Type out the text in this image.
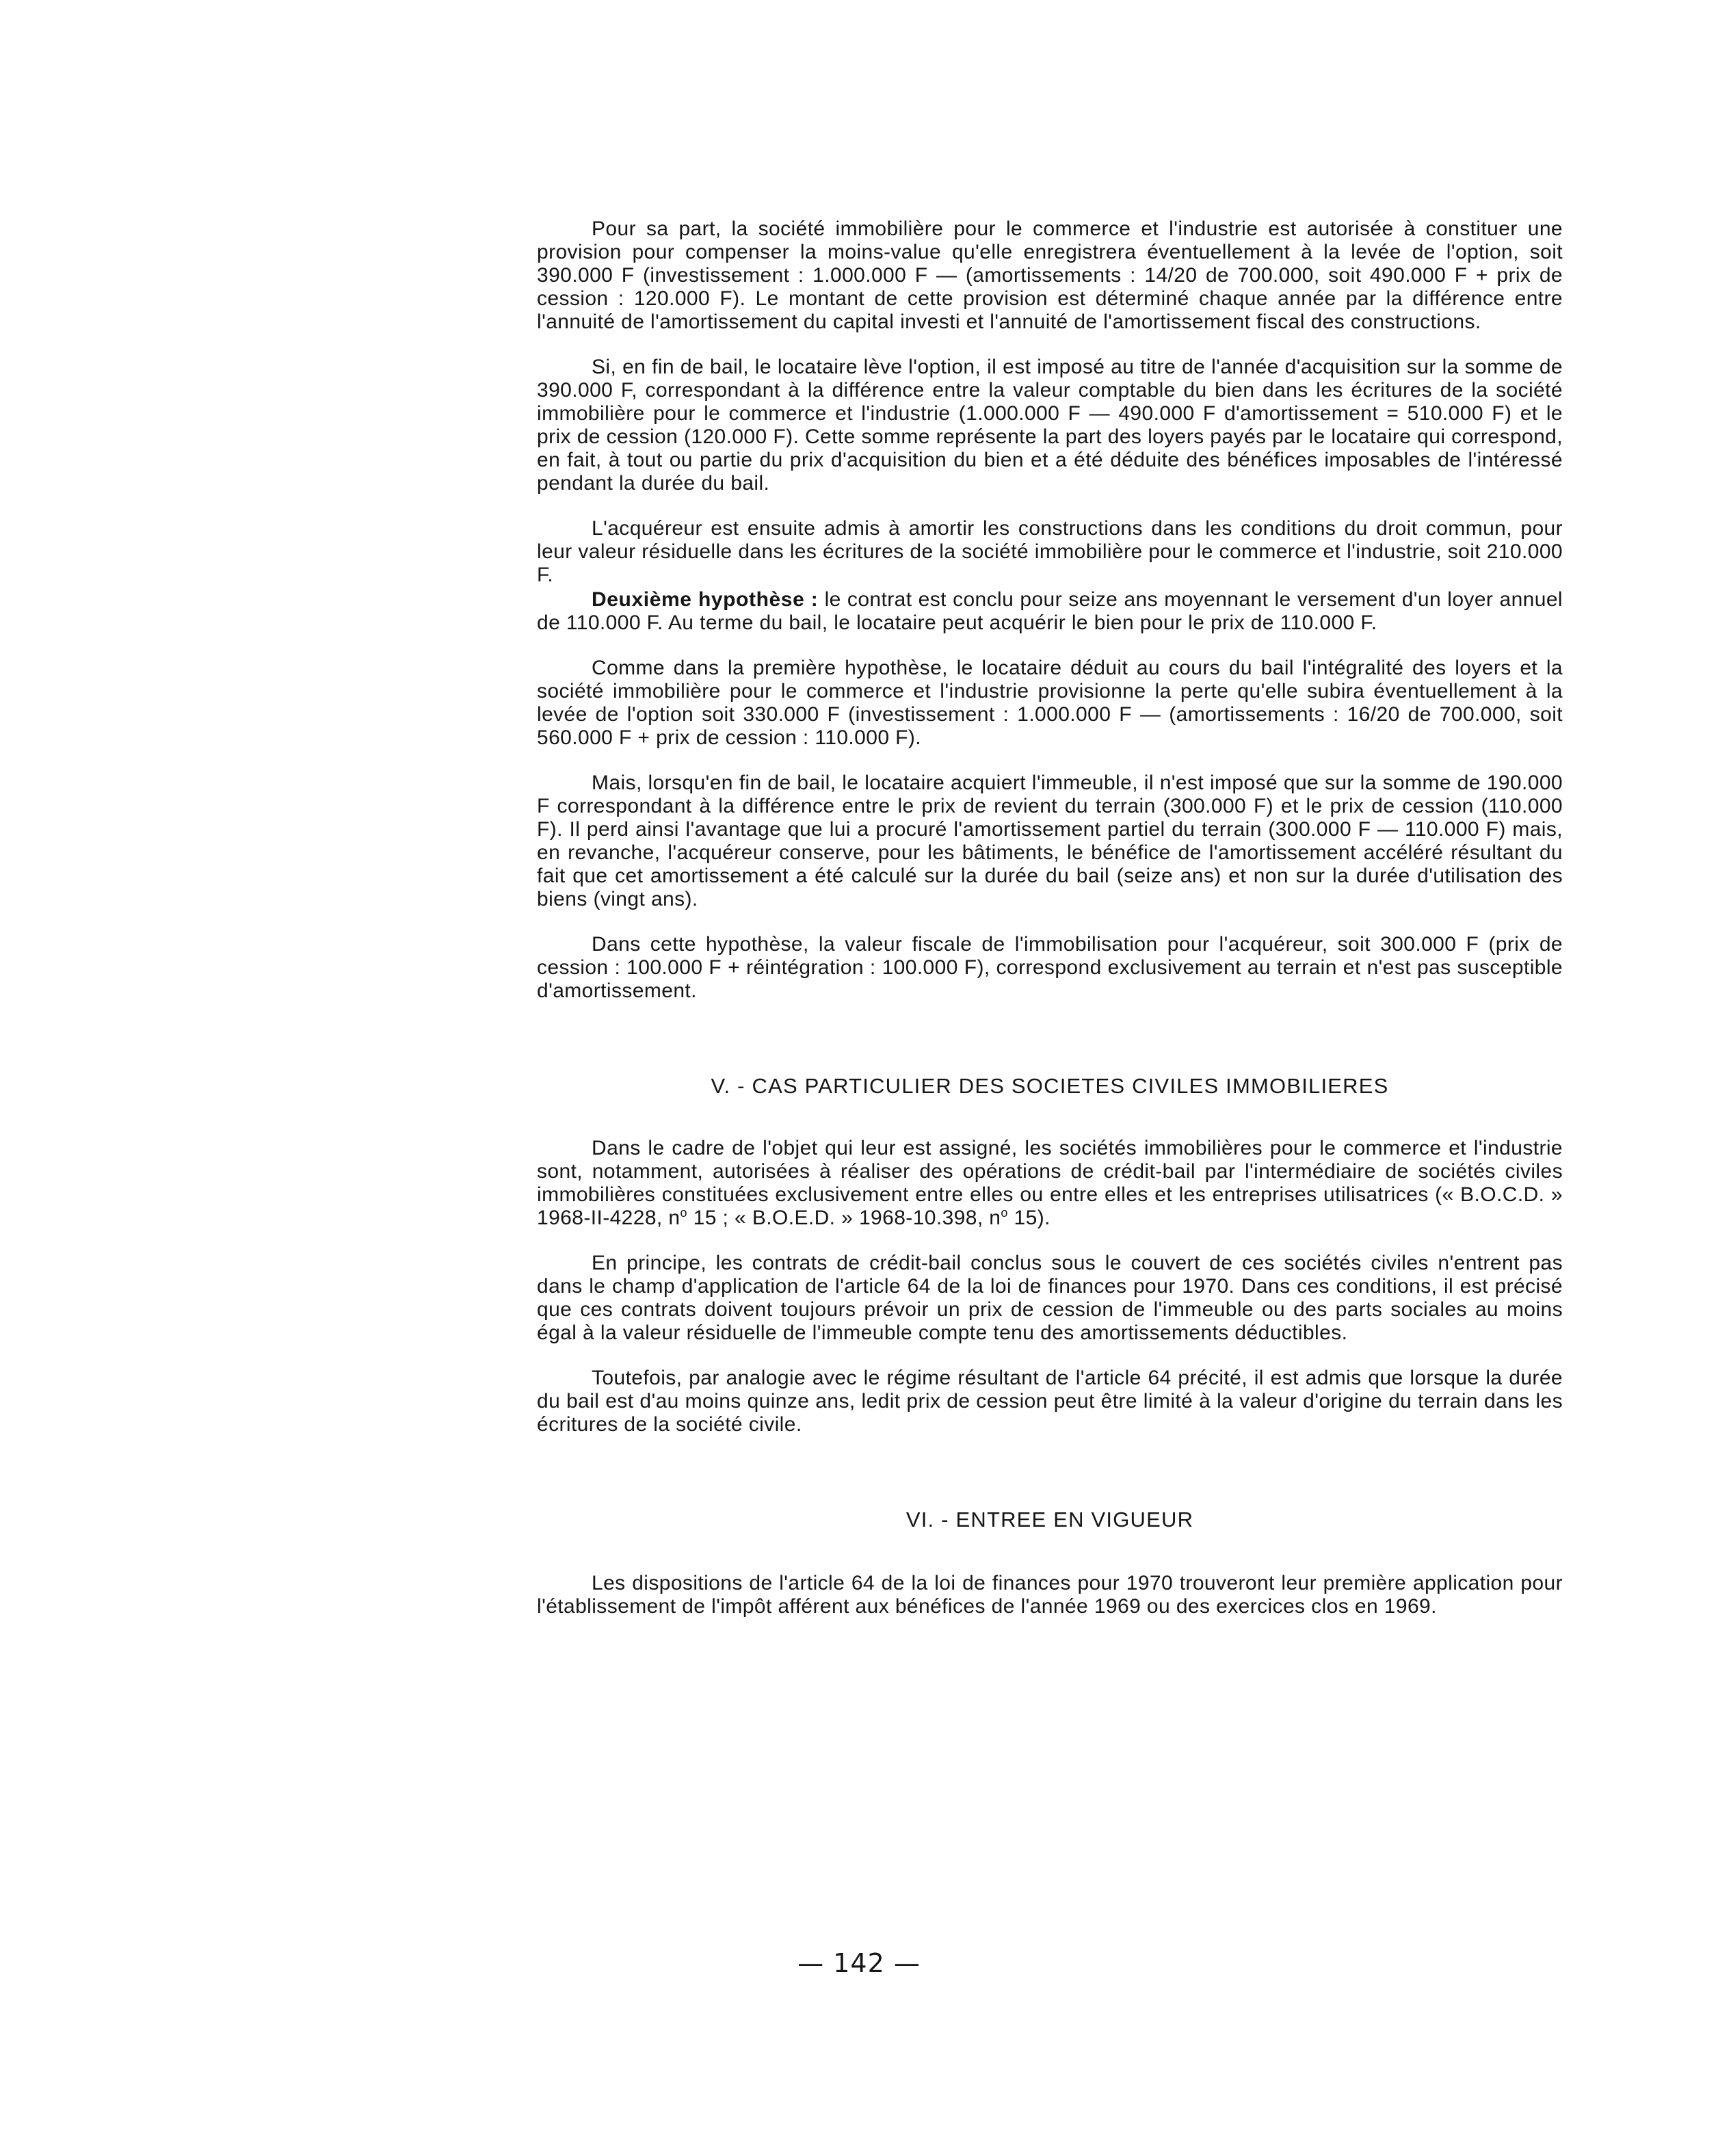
Pour sa part, la société immobilière pour le commerce et l'industrie est autorisée à constituer une provision pour compenser la moins-value qu'elle enregistrera éventuellement à la levée de l'option, soit 390.000 F (investissement : 1.000.000 F — (amortissements : 14/20 de 700.000, soit 490.000 F + prix de cession : 120.000 F). Le montant de cette provision est déterminé chaque année par la différence entre l'annuité de l'amortissement du capital investi et l'annuité de l'amortissement fiscal des constructions.

Si, en fin de bail, le locataire lève l'option, il est imposé au titre de l'année d'acquisition sur la somme de 390.000 F, correspondant à la différence entre la valeur comptable du bien dans les écritures de la société immobilière pour le commerce et l'industrie (1.000.000 F — 490.000 F d'amortissement = 510.000 F) et le prix de cession (120.000 F). Cette somme représente la part des loyers payés par le locataire qui correspond, en fait, à tout ou partie du prix d'acquisition du bien et a été déduite des bénéfices imposables de l'intéressé pendant la durée du bail.

L'acquéreur est ensuite admis à amortir les constructions dans les conditions du droit commun, pour leur valeur résiduelle dans les écritures de la société immobilière pour le commerce et l'industrie, soit 210.000 F.

Deuxième hypothèse : le contrat est conclu pour seize ans moyennant le versement d'un loyer annuel de 110.000 F. Au terme du bail, le locataire peut acquérir le bien pour le prix de 110.000 F.

Comme dans la première hypothèse, le locataire déduit au cours du bail l'intégralité des loyers et la société immobilière pour le commerce et l'industrie provisionne la perte qu'elle subira éventuellement à la levée de l'option soit 330.000 F (investissement : 1.000.000 F — (amortissements : 16/20 de 700.000, soit 560.000 F + prix de cession : 110.000 F).

Mais, lorsqu'en fin de bail, le locataire acquiert l'immeuble, il n'est imposé que sur la somme de 190.000 F correspondant à la différence entre le prix de revient du terrain (300.000 F) et le prix de cession (110.000 F). Il perd ainsi l'avantage que lui a procuré l'amortissement partiel du terrain (300.000 F — 110.000 F) mais, en revanche, l'acquéreur conserve, pour les bâtiments, le bénéfice de l'amortissement accéléré résultant du fait que cet amortissement a été calculé sur la durée du bail (seize ans) et non sur la durée d'utilisation des biens (vingt ans).

Dans cette hypothèse, la valeur fiscale de l'immobilisation pour l'acquéreur, soit 300.000 F (prix de cession : 100.000 F + réintégration : 100.000 F), correspond exclusivement au terrain et n'est pas susceptible d'amortissement.

V. - CAS PARTICULIER DES SOCIETES CIVILES IMMOBILIERES

Dans le cadre de l'objet qui leur est assigné, les sociétés immobilières pour le commerce et l'industrie sont, notamment, autorisées à réaliser des opérations de crédit-bail par l'intermédiaire de sociétés civiles immobilières constituées exclusivement entre elles ou entre elles et les entreprises utilisatrices (« B.O.C.D. » 1968-II-4228, $n^o$ 15 ; « B.O.E.D. » 1968-10.398, $n^o$ 15).

En principe, les contrats de crédit-bail conclus sous le couvert de ces sociétés civiles n'entrent pas dans le champ d'application de l'article 64 de la loi de finances pour 1970. Dans ces conditions, il est précisé que ces contrats doivent toujours prévoir un prix de cession de l'immeuble ou des parts sociales au moins égal à la valeur résiduelle de l'immeuble compte tenu des amortissements déductibles.

Toutefois, par analogie avec le régime résultant de l'article 64 précité, il est admis que lorsque la durée du bail est d'au moins quinze ans, ledit prix de cession peut être limité à la valeur d'origine du terrain dans les écritures de la société civile.

VI. - ENTREE EN VIGUEUR

Les dispositions de l'article 64 de la loi de finances pour 1970 trouveront leur première application pour l'établissement de l'impôt afférent aux bénéfices de l'année 1969 ou des exercices clos en 1969.

— 142 —
